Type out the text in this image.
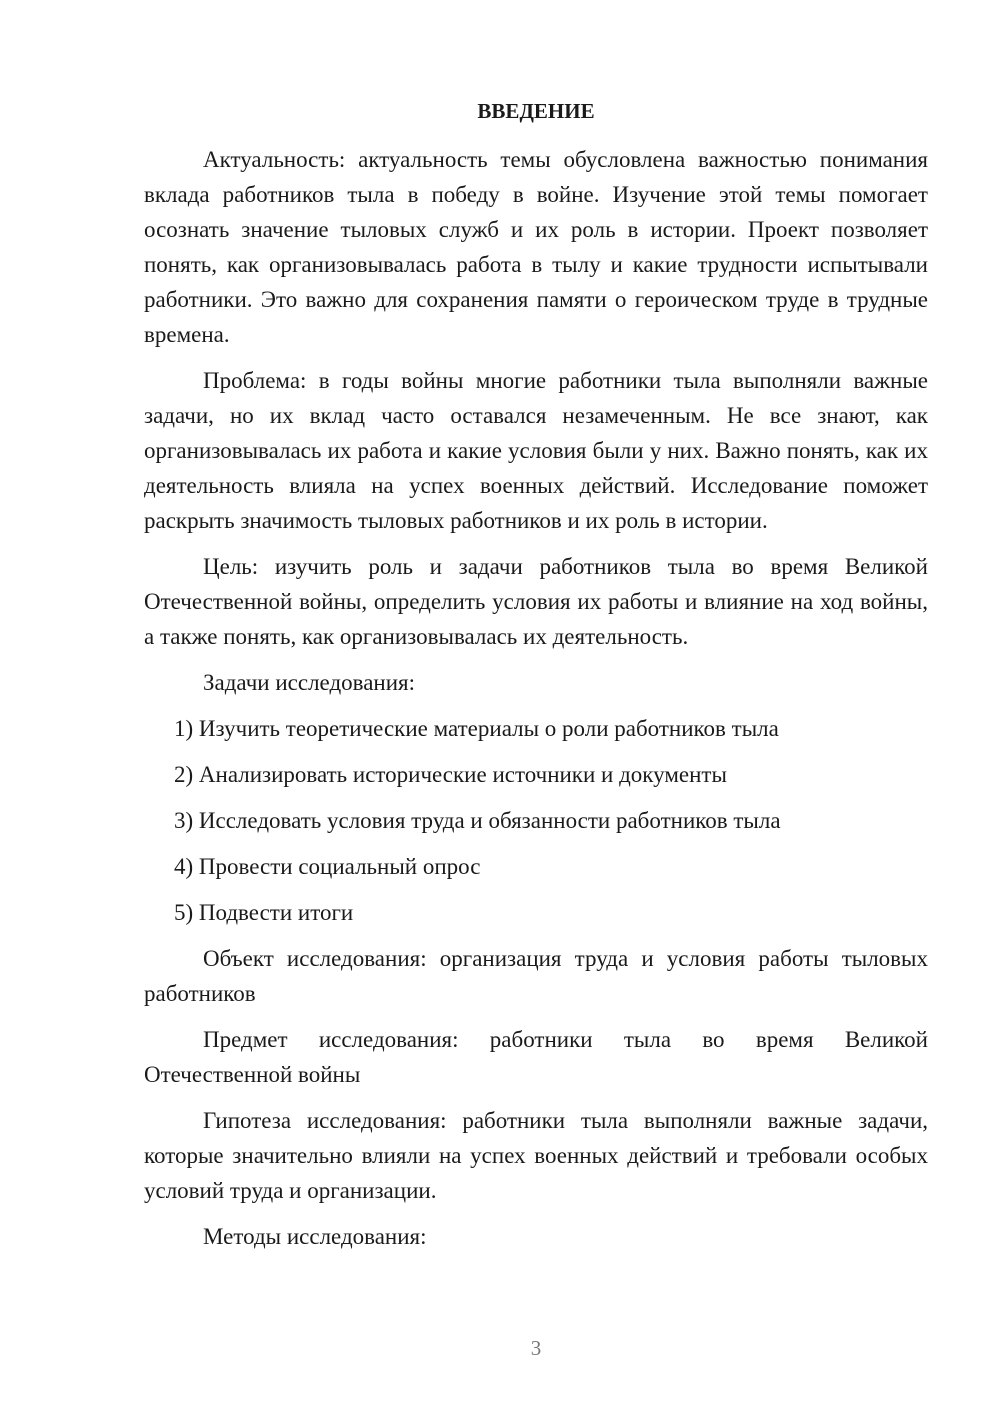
ВВЕДЕНИЕ

Актуальность: актуальность темы обусловлена важностью понимания вклада работников тыла в победу в войне. Изучение этой темы помогает осознать значение тыловых служб и их роль в истории. Проект позволяет понять, как организовывалась работа в тылу и какие трудности испытывали работники. Это важно для сохранения памяти о героическом труде в трудные времена.

Проблема: в годы войны многие работники тыла выполняли важные задачи, но их вклад часто оставался незамеченным. Не все знают, как организовывалась их работа и какие условия были у них. Важно понять, как их деятельность влияла на успех военных действий. Исследование поможет раскрыть значимость тыловых работников и их роль в истории.

Цель: изучить роль и задачи работников тыла во время Великой Отечественной войны, определить условия их работы и влияние на ход войны, а также понять, как организовывалась их деятельность.

Задачи исследования:

1) Изучить теоретические материалы о роли работников тыла

2) Анализировать исторические источники и документы

3) Исследовать условия труда и обязанности работников тыла

4) Провести социальный опрос

5) Подвести итоги

Объект исследования: организация труда и условия работы тыловых работников

Предмет исследования: работники тыла во время Великой Отечественной войны

Гипотеза исследования: работники тыла выполняли важные задачи, которые значительно влияли на успех военных действий и требовали особых условий труда и организации.

Методы исследования:

3
